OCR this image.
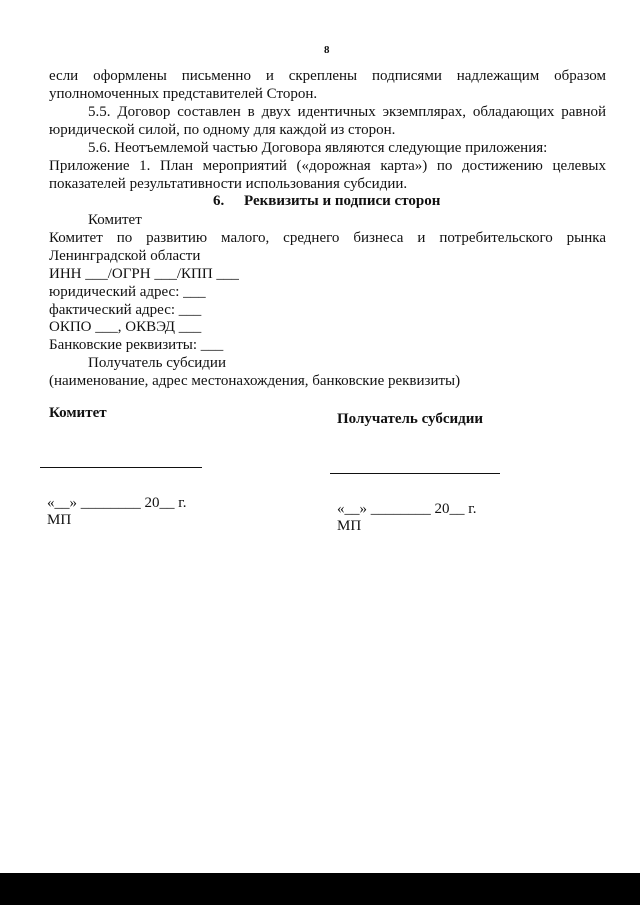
8
если оформлены письменно и скреплены подписями надлежащим образом
уполномоченных представителей Сторон.
5.5. Договор составлен в двух идентичных экземплярах, обладающих равной
юридической силой, по одному для каждой из сторон.
5.6. Неотъемлемой частью Договора являются следующие приложения:
Приложение 1. План мероприятий («дорожная карта») по достижению целевых
показателей результативности использования субсидии.
6. Реквизиты и подписи сторон
Комитет
Комитет по развитию малого, среднего бизнеса и потребительского рынка
Ленинградской области
ИНН ___/ОГРН ___/КПП ___
юридический адрес: ___
фактический адрес: ___
ОКПО ___, ОКВЭД ___
Банковские реквизиты: ___
Получатель субсидии
(наименование, адрес местонахождения, банковские реквизиты)
Комитет	Получатель субсидии
«__» ________ 20__ г.
МП
«__» ________ 20__ г.
МП
